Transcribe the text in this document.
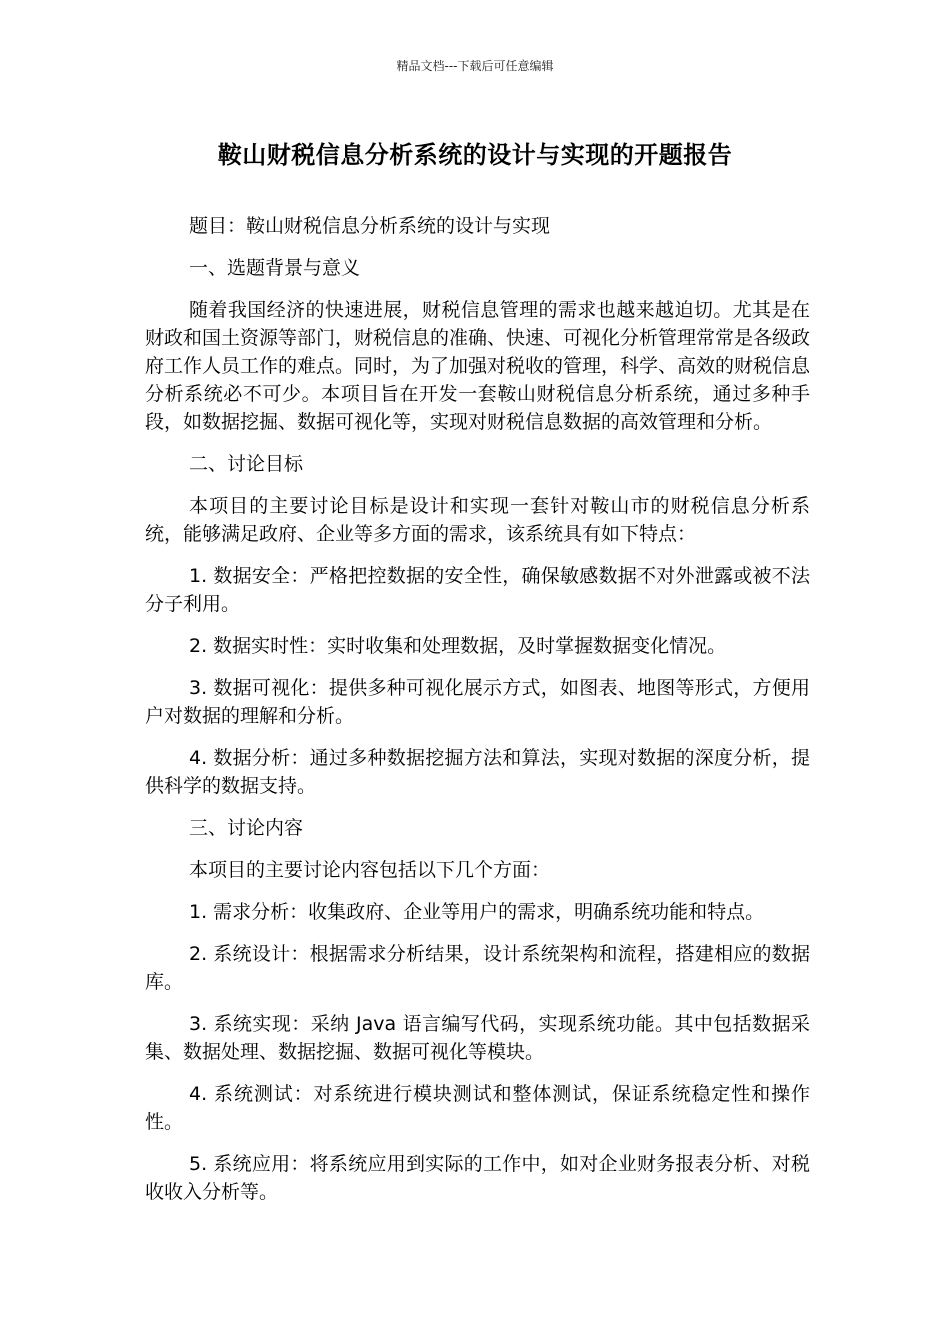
精品文档---下载后可任意编辑
鞍山财税信息分析系统的设计与实现的开题报告

题目：鞍山财税信息分析系统的设计与实现

一、选题背景与意义

随着我国经济的快速进展，财税信息管理的需求也越来越迫切。尤其是在财政和国土资源等部门，财税信息的准确、快速、可视化分析管理常常是各级政府工作人员工作的难点。同时，为了加强对税收的管理，科学、高效的财税信息分析系统必不可少。本项目旨在开发一套鞍山财税信息分析系统，通过多种手段，如数据挖掘、数据可视化等，实现对财税信息数据的高效管理和分析。

二、讨论目标

本项目的主要讨论目标是设计和实现一套针对鞍山市的财税信息分析系统，能够满足政府、企业等多方面的需求，该系统具有如下特点：

1. 数据安全：严格把控数据的安全性，确保敏感数据不对外泄露或被不法分子利用。

2. 数据实时性：实时收集和处理数据，及时掌握数据变化情况。

3. 数据可视化：提供多种可视化展示方式，如图表、地图等形式，方便用户对数据的理解和分析。

4. 数据分析：通过多种数据挖掘方法和算法，实现对数据的深度分析，提供科学的数据支持。

三、讨论内容

本项目的主要讨论内容包括以下几个方面：

1. 需求分析：收集政府、企业等用户的需求，明确系统功能和特点。

2. 系统设计：根据需求分析结果，设计系统架构和流程，搭建相应的数据库。

3. 系统实现：采纳 Java 语言编写代码，实现系统功能。其中包括数据采集、数据处理、数据挖掘、数据可视化等模块。

4. 系统测试：对系统进行模块测试和整体测试，保证系统稳定性和操作性。

5. 系统应用：将系统应用到实际的工作中，如对企业财务报表分析、对税收收入分析等。
